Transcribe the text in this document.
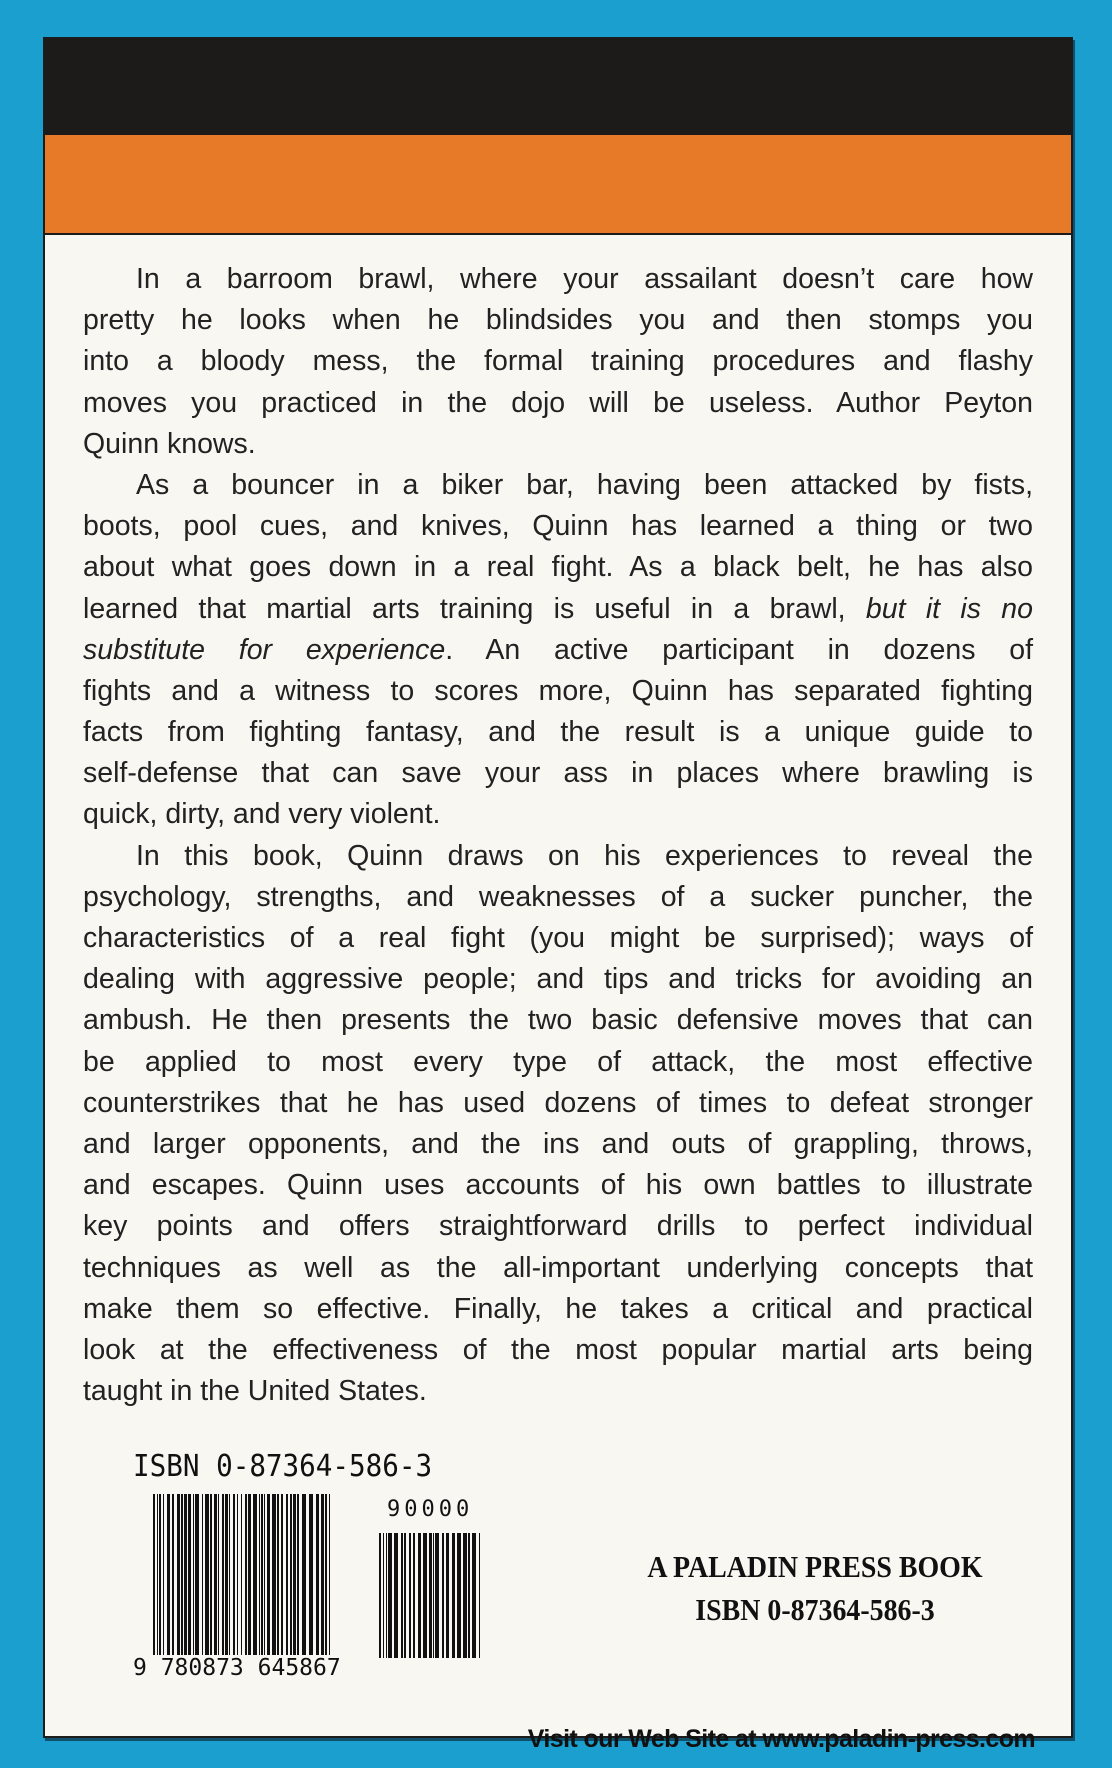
In a barroom brawl, where your assailant doesn’t care how
pretty he looks when he blindsides you and then stomps you
into a bloody mess, the formal training procedures and flashy
moves you practiced in the dojo will be useless. Author Peyton
Quinn knows.
As a bouncer in a biker bar, having been attacked by fists,
boots, pool cues, and knives, Quinn has learned a thing or two
about what goes down in a real fight. As a black belt, he has also
learned that martial arts training is useful in a brawl, but it is no
substitute for experience. An active participant in dozens of
fights and a witness to scores more, Quinn has separated fighting
facts from fighting fantasy, and the result is a unique guide to
self-defense that can save your ass in places where brawling is
quick, dirty, and very violent.
In this book, Quinn draws on his experiences to reveal the
psychology, strengths, and weaknesses of a sucker puncher, the
characteristics of a real fight (you might be surprised); ways of
dealing with aggressive people; and tips and tricks for avoiding an
ambush. He then presents the two basic defensive moves that can
be applied to most every type of attack, the most effective
counterstrikes that he has used dozens of times to defeat stronger
and larger opponents, and the ins and outs of grappling, throws,
and escapes. Quinn uses accounts of his own battles to illustrate
key points and offers straightforward drills to perfect individual
techniques as well as the all-important underlying concepts that
make them so effective. Finally, he takes a critical and practical
look at the effectiveness of the most popular martial arts being
taught in the United States.
ISBN 0-87364-586-3
9 780873 645867
90000
A PALADIN PRESS BOOK
ISBN 0-87364-586-3
Visit our Web Site at www.paladin-press.com
